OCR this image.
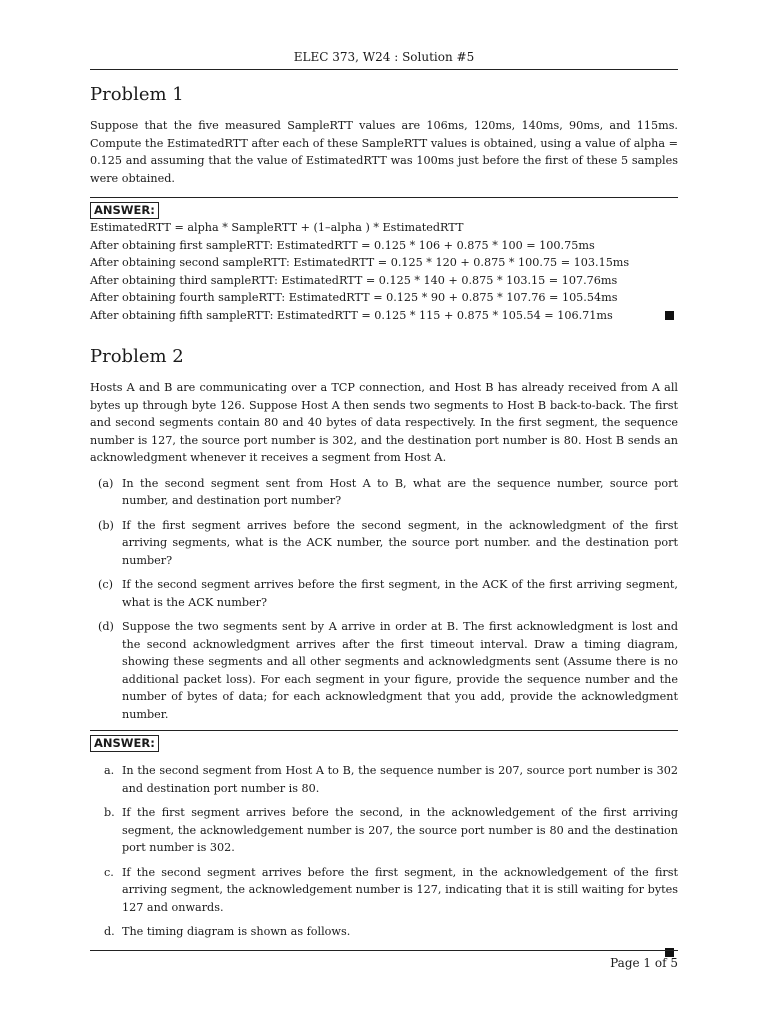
ELEC 373, W24 : Solution #5
Problem 1

Suppose that the five measured SampleRTT values are 106ms, 120ms, 140ms, 90ms, and 115ms. Compute the EstimatedRTT after each of these SampleRTT values is obtained, using a value of alpha = 0.125 and assuming that the value of EstimatedRTT was 100ms just before the first of these 5 samples were obtained.

ANSWER:
EstimatedRTT = alpha * SampleRTT + (1–alpha ) * EstimatedRTT
After obtaining first sampleRTT: EstimatedRTT = 0.125 * 106 + 0.875 * 100 = 100.75ms
After obtaining second sampleRTT: EstimatedRTT = 0.125 * 120 + 0.875 * 100.75 = 103.15ms
After obtaining third sampleRTT: EstimatedRTT = 0.125 * 140 + 0.875 * 103.15 = 107.76ms
After obtaining fourth sampleRTT: EstimatedRTT = 0.125 * 90 + 0.875 * 107.76 = 105.54ms
After obtaining fifth sampleRTT: EstimatedRTT = 0.125 * 115 + 0.875 * 105.54 = 106.71ms
Problem 2

Hosts A and B are communicating over a TCP connection, and Host B has already received from A all bytes up through byte 126. Suppose Host A then sends two segments to Host B back-to-back. The first and second segments contain 80 and 40 bytes of data respectively. In the first segment, the sequence number is 127, the source port number is 302, and the destination port number is 80. Host B sends an acknowledgment whenever it receives a segment from Host A.

(a) In the second segment sent from Host A to B, what are the sequence number, source port number, and destination port number?
(b) If the first segment arrives before the second segment, in the acknowledgment of the first arriving segments, what is the ACK number, the source port number. and the destination port number?
(c) If the second segment arrives before the first segment, in the ACK of the first arriving segment, what is the ACK number?
(d) Suppose the two segments sent by A arrive in order at B. The first acknowledgment is lost and the second acknowledgment arrives after the first timeout interval. Draw a timing diagram, showing these segments and all other segments and acknowledgments sent (Assume there is no additional packet loss). For each segment in your figure, provide the sequence number and the number of bytes of data; for each acknowledgment that you add, provide the acknowledgment number.
ANSWER:
a. In the second segment from Host A to B, the sequence number is 207, source port number is 302 and destination port number is 80.
b. If the first segment arrives before the second, in the acknowledgement of the first arriving segment, the acknowledgement number is 207, the source port number is 80 and the destination port number is 302.
c. If the second segment arrives before the first segment, in the acknowledgement of the first arriving segment, the acknowledgement number is 127, indicating that it is still waiting for bytes 127 and onwards.
d. The timing diagram is shown as follows.
Page 1 of 5
